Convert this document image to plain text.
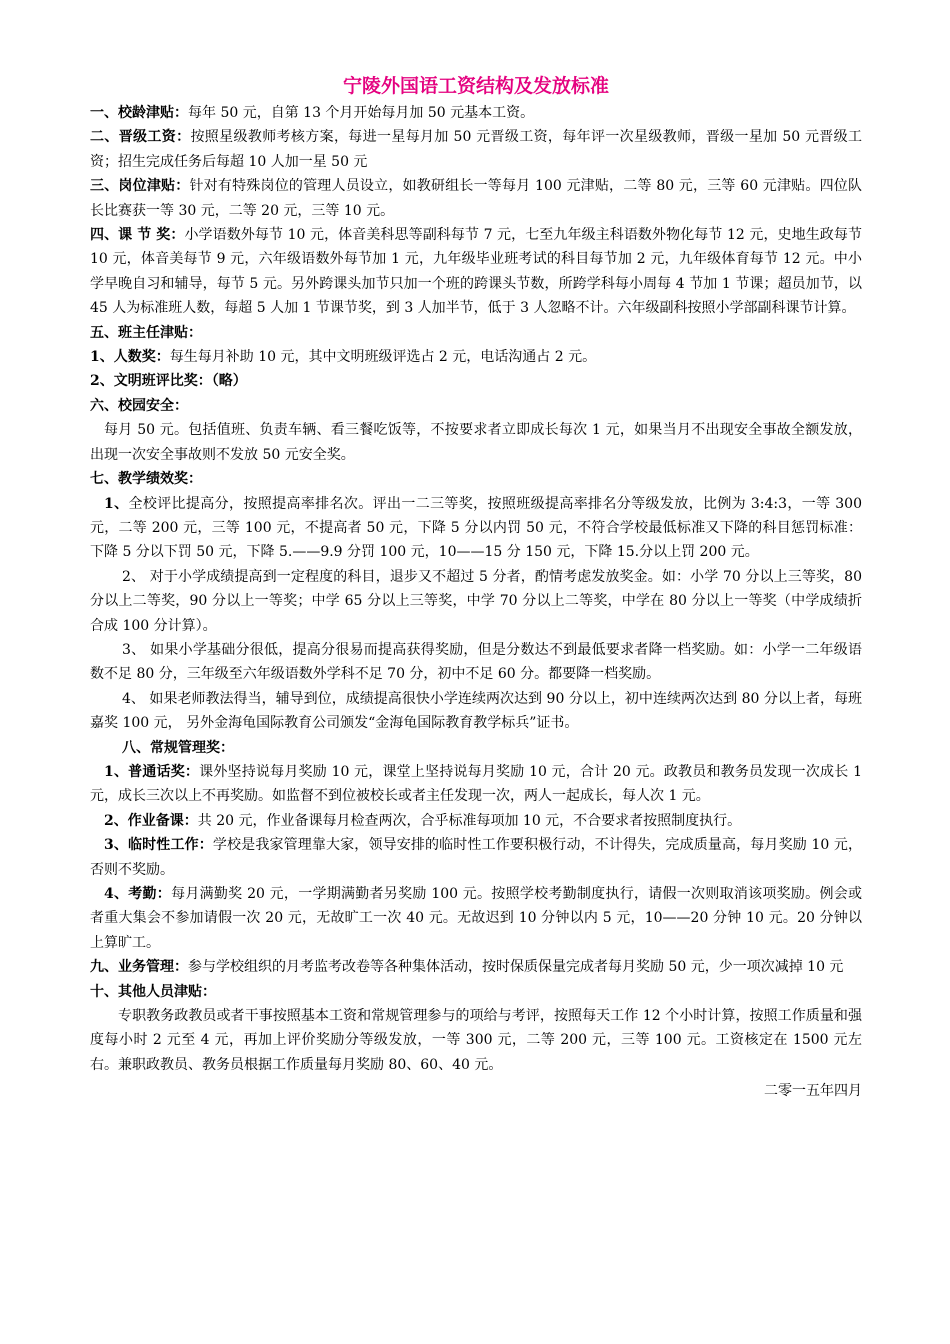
宁陵外国语工资结构及发放标准

一、校龄津贴：每年 50 元，自第 13 个月开始每月加 50 元基本工资。

二、晋级工资：按照星级教师考核方案，每进一星每月加 50 元晋级工资，每年评一次星级教师，晋级一星加 50 元晋级工资；招生完成任务后每超 10 人加一星 50 元

三、岗位津贴：针对有特殊岗位的管理人员设立，如教研组长一等每月 100 元津贴，二等 80 元，三等 60 元津贴。四位队长比赛获一等 30 元，二等 20 元，三等 10 元。

四、课 节 奖：小学语数外每节 10 元，体音美科思等副科每节 7 元，七至九年级主科语数外物化每节 12 元，史地生政每节 10 元，体音美每节 9 元，六年级语数外每节加 1 元，九年级毕业班考试的科目每节加 2 元，九年级体育每节 12 元。中小学早晚自习和辅导，每节 5 元。另外跨课头加节只加一个班的跨课头节数，所跨学科每小周每 4 节加 1 节课；超员加节，以 45 人为标准班人数，每超 5 人加 1 节课节奖，到 3 人加半节，低于 3 人忽略不计。六年级副科按照小学部副科课节计算。

五、班主任津贴：

1、人数奖：每生每月补助 10 元，其中文明班级评选占 2 元，电话沟通占 2 元。

2、文明班评比奖：（略）

六、校园安全：

每月 50 元。包括值班、负责车辆、看三餐吃饭等，不按要求者立即成长每次 1 元，如果当月不出现安全事故全额发放，出现一次安全事故则不发放 50 元安全奖。

七、教学绩效奖：

1、全校评比提高分，按照提高率排名次。评出一二三等奖，按照班级提高率排名分等级发放，比例为 3:4:3，一等 300 元，二等 200 元，三等 100 元，不提高者 50 元，下降 5 分以内罚 50 元，不符合学校最低标准又下降的科目惩罚标准：下降 5 分以下罚 50 元，下降 5.——9.9 分罚 100 元，10——15 分 150 元，下降 15.分以上罚 200 元。

2、 对于小学成绩提高到一定程度的科目，退步又不超过 5 分者，酌情考虑发放奖金。如：小学 70 分以上三等奖，80 分以上二等奖，90 分以上一等奖；中学 65 分以上三等奖，中学 70 分以上二等奖，中学在 80 分以上一等奖（中学成绩折合成 100 分计算）。

3、 如果小学基础分很低，提高分很易而提高获得奖励，但是分数达不到最低要求者降一档奖励。如：小学一二年级语数不足 80 分，三年级至六年级语数外学科不足 70 分，初中不足 60 分。都要降一档奖励。

4、 如果老师教法得当，辅导到位，成绩提高很快小学连续两次达到 90 分以上，初中连续两次达到 80 分以上者，每班嘉奖 100 元， 另外金海龟国际教育公司颁发“金海龟国际教育教学标兵”证书。

八、常规管理奖：

1、普通话奖：课外坚持说每月奖励 10 元，课堂上坚持说每月奖励 10 元，合计 20 元。政教员和教务员发现一次成长 1 元，成长三次以上不再奖励。如监督不到位被校长或者主任发现一次，两人一起成长，每人次 1 元。

2、作业备课：共 20 元，作业备课每月检查两次，合乎标准每项加 10 元，不合要求者按照制度执行。

3、临时性工作：学校是我家管理靠大家，领导安排的临时性工作要积极行动，不计得失，完成质量高，每月奖励 10 元，否则不奖励。

4、考勤：每月满勤奖 20 元，一学期满勤者另奖励 100 元。按照学校考勤制度执行，请假一次则取消该项奖励。例会或者重大集会不参加请假一次 20 元，无故旷工一次 40 元。无故迟到 10 分钟以内 5 元，10——20 分钟 10 元。20 分钟以上算旷工。

九、业务管理：参与学校组织的月考监考改卷等各种集体活动，按时保质保量完成者每月奖励 50 元，少一项次减掉 10 元

十、其他人员津贴：

专职教务政教员或者干事按照基本工资和常规管理参与的项给与考评，按照每天工作 12 个小时计算，按照工作质量和强度每小时 2 元至 4 元，再加上评价奖励分等级发放，一等 300 元，二等 200 元，三等 100 元。工资核定在 1500 元左右。兼职政教员、教务员根据工作质量每月奖励 80、60、40 元。

二零一五年四月
